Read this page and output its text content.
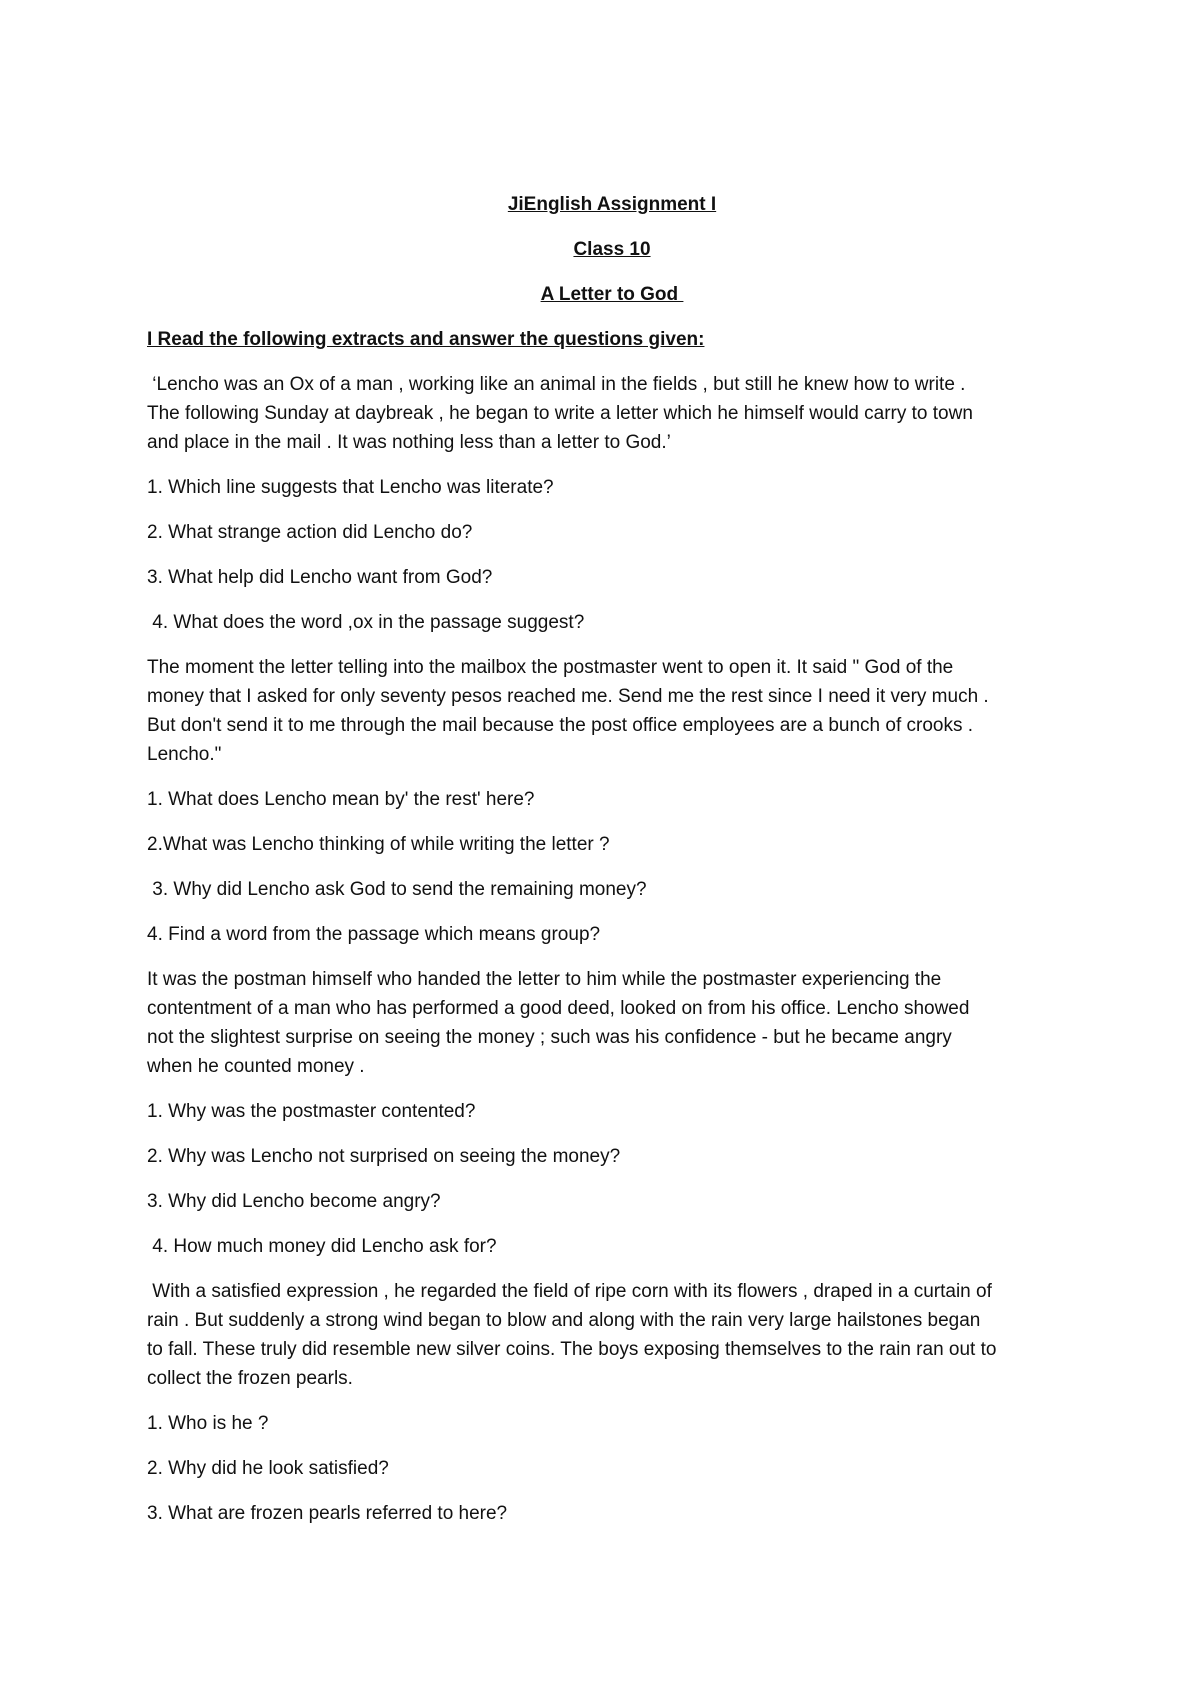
JiEnglish Assignment I

Class 10

A Letter to God

I Read the following extracts and answer the questions given:

‘Lencho was an Ox of a man , working like an animal in the fields , but still he knew how to write .
The following Sunday at daybreak , he began to write a letter which he himself would carry to town
and place in the mail . It was nothing less than a letter to God.’

1. Which line suggests that Lencho was literate?

2. What strange action did Lencho do?

3. What help did Lencho want from God?

4. What does the word ,ox in the passage suggest?

The moment the letter telling into the mailbox the postmaster went to open it. It said " God of the
money that I asked for only seventy pesos reached me. Send me the rest since I need it very much .
But don't send it to me through the mail because the post office employees are a bunch of crooks .
Lencho."

1. What does Lencho mean by' the rest' here?

2.What was Lencho thinking of while writing the letter ?

3. Why did Lencho ask God to send the remaining money?

4. Find a word from the passage which means group?

It was the postman himself who handed the letter to him while the postmaster experiencing the
contentment of a man who has performed a good deed, looked on from his office. Lencho showed
not the slightest surprise on seeing the money ; such was his confidence - but he became angry
when he counted money .

1. Why was the postmaster contented?

2. Why was Lencho not surprised on seeing the money?

3. Why did Lencho become angry?

4. How much money did Lencho ask for?

With a satisfied expression , he regarded the field of ripe corn with its flowers , draped in a curtain of
rain . But suddenly a strong wind began to blow and along with the rain very large hailstones began
to fall. These truly did resemble new silver coins. The boys exposing themselves to the rain ran out to
collect the frozen pearls.

1. Who is he ?

2. Why did he look satisfied?

3. What are frozen pearls referred to here?
